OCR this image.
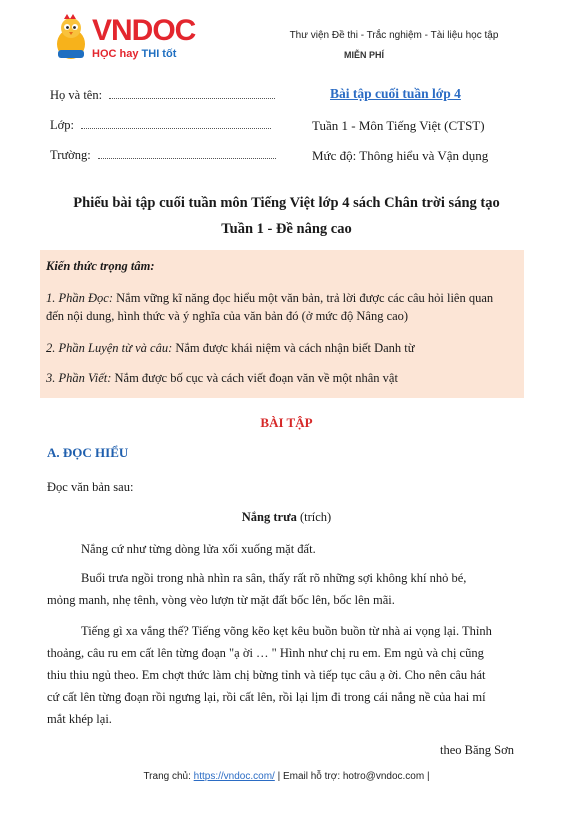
VNDOC
HỌC hay THI tốt
Thư viện Đề thi - Trắc nghiệm - Tài liệu học tập
MIỄN PHÍ
Họ và tên:
Lớp:
Trường:
Bài tập cuối tuần lớp 4
Tuần 1 - Môn Tiếng Việt (CTST)
Mức độ: Thông hiểu và Vận dụng
Phiếu bài tập cuối tuần môn Tiếng Việt lớp 4 sách Chân trời sáng tạo
Tuần 1 - Đề nâng cao
Kiến thức trọng tâm:
1. Phần Đọc: Nắm vững kĩ năng đọc hiểu một văn bản, trả lời được các câu hỏi liên quan
đến nội dung, hình thức và ý nghĩa của văn bản đó (ở mức độ Nâng cao)
2. Phần Luyện từ và câu: Nắm được khái niệm và cách nhận biết Danh từ
3. Phần Viết: Nắm được bố cục và cách viết đoạn văn về một nhân vật
BÀI TẬP
A. ĐỌC HIỂU
Đọc văn bản sau:
Nắng trưa (trích)
Nắng cứ như từng dòng lửa xối xuống mặt đất.
Buổi trưa ngồi trong nhà nhìn ra sân, thấy rất rõ những sợi không khí nhỏ bé,
mỏng manh, nhẹ tênh, vòng vèo lượn từ mặt đất bốc lên, bốc lên mãi.
Tiếng gì xa vắng thế? Tiếng võng kẽo kẹt kêu buồn buồn từ nhà ai vọng lại. Thỉnh
thoảng, câu ru em cất lên từng đoạn "ạ ời … " Hình như chị ru em. Em ngủ và chị cũng
thiu thiu ngủ theo. Em chợt thức làm chị bừng tỉnh và tiếp tục câu ạ ời. Cho nên câu hát
cứ cất lên từng đoạn rồi ngưng lại, rồi cất lên, rồi lại lịm đi trong cái nắng nề của hai mí
mắt khép lại.
theo Băng Sơn
Trang chủ: https://vndoc.com/ | Email hỗ trợ: hotro@vndoc.com |
